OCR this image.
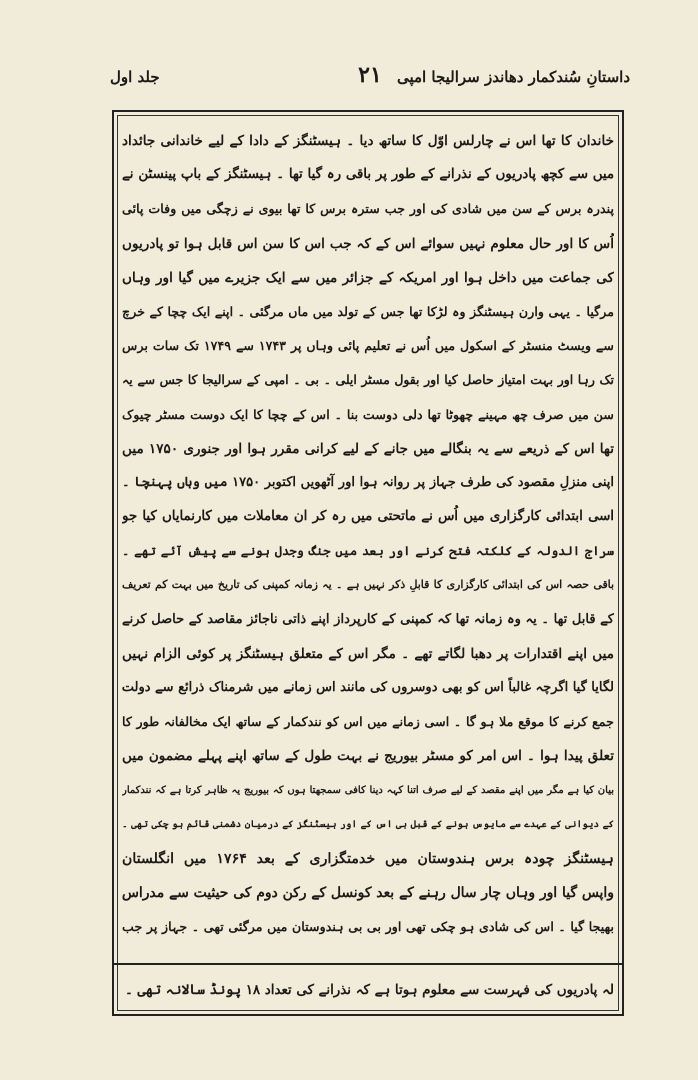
داستانِ سُندکمار دھاندز سرالیجا امپی
۲۱
جلد اول
خاندان کا تھا اس نے چارلس اوّل کا ساتھ دیا ۔ ہیسٹنگز کے دادا کے لیے خاندانی جائداد
میں سے کچھ پادریوں کے نذرانے کے طور پر باقی رہ گیا تھا ۔ ہیسٹنگز کے باپ پینسٹن نے
پندرہ برس کے سن میں شادی کی اور جب سترہ برس کا تھا بیوی نے زچگی میں وفات پائی
اُس کا اور حال معلوم نہیں سوائے اس کے کہ جب اس کا سن اس قابل ہوا تو پادریوں
کی جماعت میں داخل ہوا اور امریکہ کے جزائر میں سے ایک جزیرے میں گیا اور وہاں
مرگیا ۔ یہی وارن ہیسٹنگز وہ لڑکا تھا جس کے تولد میں ماں مرگئی ۔ اپنے ایک چچا کے خرچ
سے ویسٹ منسٹر کے اسکول میں اُس نے تعلیم پائی وہاں پر ۱۷۴۳ سے ۱۷۴۹ تک سات برس
تک رہا اور بہت امتیاز حاصل کیا اور بقول مسٹر ایلی ۔ بی ۔ امپی کے سرالیجا کا جس سے یہ
سن میں صرف چھ مہینے چھوٹا تھا دلی دوست بنا ۔ اس کے چچا کا ایک دوست مسٹر چیوک
تھا اس کے ذریعے سے یہ بنگالے میں جانے کے لیے کرانی مقرر ہوا اور جنوری ۱۷۵۰ میں
اپنی منزلِ مقصود کی طرف جہاز پر روانہ ہوا اور آٹھویں اکتوبر ۱۷۵۰ میں وہاں پہنچا ۔
اسی ابتدائی کارگزاری میں اُس نے ماتحتی میں رہ کر ان معاملات میں کارنمایاں کیا جو
سراج الدولہ کے کلکتہ فتح کرنے اور بعد میں جنگ وجدل ہونے سے پیش آئے تھے ۔
باقی حصہ اس کی ابتدائی کارگزاری کا قابلِ ذکر نہیں ہے ۔ یہ زمانہ کمپنی کی تاریخ میں بہت کم تعریف
کے قابل تھا ۔ یہ وہ زمانہ تھا کہ کمپنی کے کارپرداز اپنے ذاتی ناجائز مقاصد کے حاصل کرنے
میں اپنے اقتدارات پر دھبا لگاتے تھے ۔ مگر اس کے متعلق ہیسٹنگز پر کوئی الزام نہیں
لگایا گیا اگرچہ غالباً اس کو بھی دوسروں کی مانند اس زمانے میں شرمناک ذرائع سے دولت
جمع کرنے کا موقع ملا ہو گا ۔ اسی زمانے میں اس کو نندکمار کے ساتھ ایک مخالفانہ طور کا
تعلق پیدا ہوا ۔ اس امر کو مسٹر بیوریج نے بہت طول کے ساتھ اپنے پہلے مضمون میں
بیان کیا ہے مگر میں اپنے مقصد کے لیے صرف اتنا کہہ دینا کافی سمجھتا ہوں کہ بیوریج یہ ظاہر کرتا ہے کہ نندکمار
کے دیوانی کے عہدے سے مایوس ہونے کے قبل ہی اس کے اور ہیسٹنگز کے درمیان دشمنی قائم ہو چکی تھی ۔
ہیسٹنگز چودہ برس ہندوستان میں خدمتگزاری کے بعد ۱۷۶۴ میں انگلستان
واپس گیا اور وہاں چار سال رہنے کے بعد کونسل کے رکن دوم کی حیثیت سے مدراس
بھیجا گیا ۔ اس کی شادی ہو چکی تھی اور بی بی ہندوستان میں مرگئی تھی ۔ جہاز پر جب
لہ پادریوں کی فہرست سے معلوم ہوتا ہے کہ نذرانے کی تعداد ۱۸ پونڈ سالانہ تھی ۔
